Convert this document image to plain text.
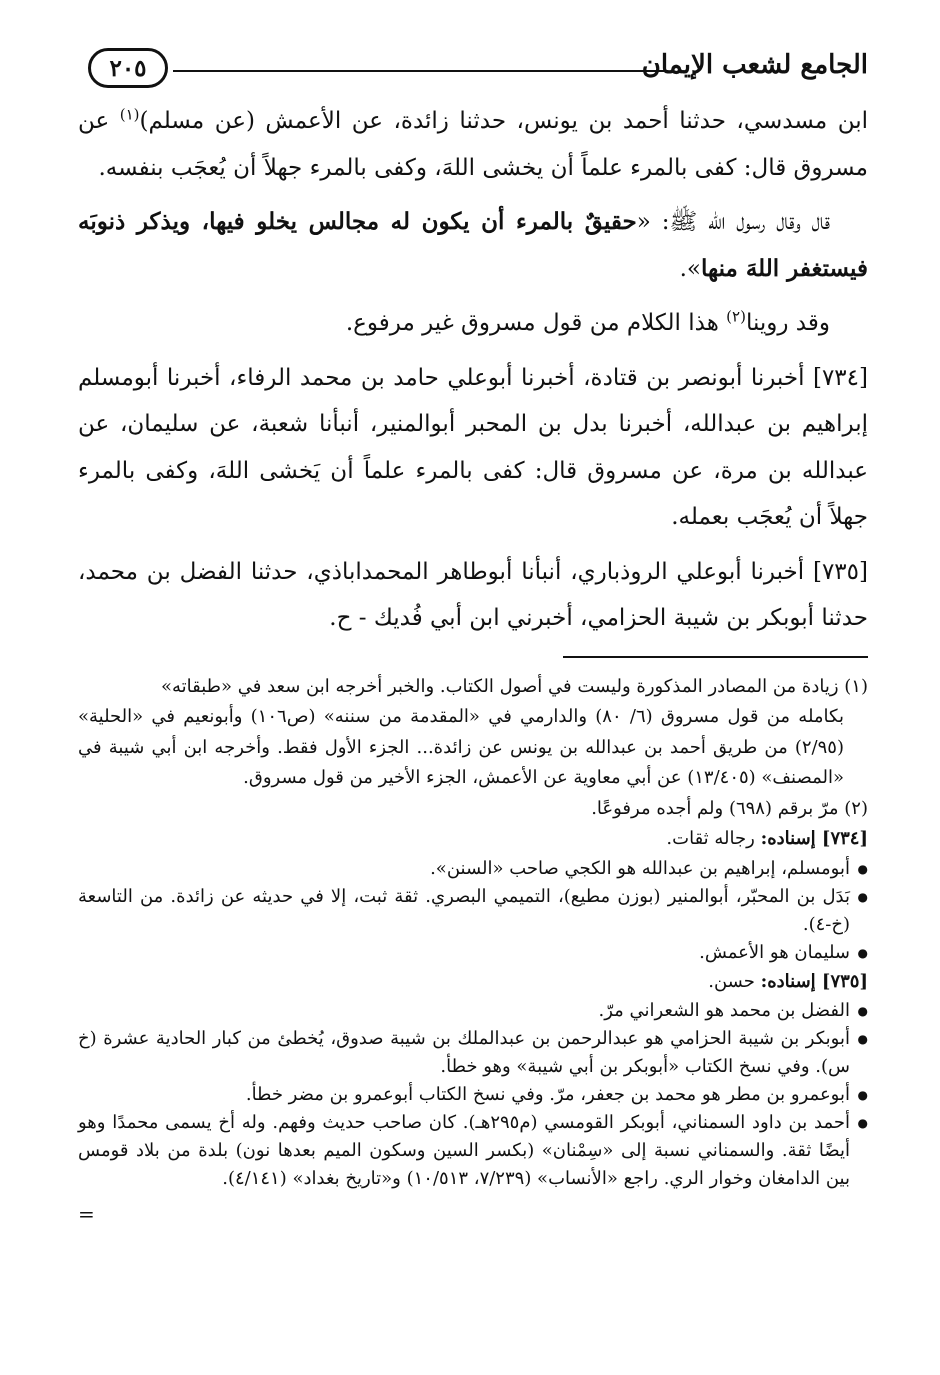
الجامع لشعب الإيمان
٢٠٥

ابن مسدسي، حدثنا أحمد بن يونس، حدثنا زائدة، عن الأعمش (عن مسلم)$^{(١)}$ عن مسروق قال: كفى بالمرء علماً أن يخشى اللهَ، وكفى بالمرء جهلاً أن يُعجَب بنفسه.

قال وقال رسول الله ﷺ: «حقيقٌ بالمرء أن يكون له مجالس يخلو فيها، ويذكر ذنوبَه فيستغفر اللهَ منها».

وقد روينا$^{(٢)}$ هذا الكلام من قول مسروق غير مرفوع.

[٧٣٤] أخبرنا أبونصر بن قتادة، أخبرنا أبوعلي حامد بن محمد الرفاء، أخبرنا أبومسلم إبراهيم بن عبدالله، أخبرنا بدل بن المحبر أبوالمنير، أنبأنا شعبة، عن سليمان، عن عبدالله بن مرة، عن مسروق قال: كفى بالمرء علماً أن يَخشى اللهَ، وكفى بالمرء جهلاً أن يُعجَب بعمله.

[٧٣٥] أخبرنا أبوعلي الروذباري، أنبأنا أبوطاهر المحمداباذي، حدثنا الفضل بن محمد، حدثنا أبوبكر بن شيبة الحزامي، أخبرني ابن أبي فُديك - ح.

(١) زيادة من المصادر المذكورة وليست في أصول الكتاب. والخبر أخرجه ابن سعد في «طبقاته»

بكامله من قول مسروق (٦/ ٨٠) والدارمي في «المقدمة من سننه» (ص١٠٦) وأبونعيم في «الحلية» (٢/٩٥) من طريق أحمد بن عبدالله بن يونس عن زائدة... الجزء الأول فقط. وأخرجه ابن أبي شيبة في «المصنف» (١٣/٤٠٥) عن أبي معاوية عن الأعمش، الجزء الأخير من قول مسروق.

(٢) مرّ برقم (٦٩٨) ولم أجده مرفوعًا.

[٧٣٤] إسناده: رجاله ثقات.

● أبومسلم، إبراهيم بن عبدالله هو الكجي صاحب «السنن».
● بَدَل بن المحبّر، أبوالمنير (بوزن مطيع)، التميمي البصري. ثقة ثبت، إلا في حديثه عن زائدة. من التاسعة (خ-٤).
● سليمان هو الأعمش.

[٧٣٥] إسناده: حسن.

● الفضل بن محمد هو الشعراني مرّ.
● أبوبكر بن شيبة الحزامي هو عبدالرحمن بن عبدالملك بن شيبة صدوق، يُخطئ من كبار الحادية عشرة (خ س). وفي نسخ الكتاب «أبوبكر بن أبي شيبة» وهو خطأ.
● أبوعمرو بن مطر هو محمد بن جعفر، مرّ. وفي نسخ الكتاب أبوعمرو بن مضر خطأ.
● أحمد بن داود السمناني، أبوبكر القومسي (م٢٩٥هـ). كان صاحب حديث وفهم. وله أخ يسمى محمدًا وهو أيضًا ثقة. والسمناني نسبة إلى «سِمْنان» (بكسر السين وسكون الميم بعدها نون) بلدة من بلاد قومس بين الدامغان وخوار الري. راجع «الأنساب» (٧/٢٣٩، ١٠/٥١٣) و«تاريخ بغداد» (٤/١٤١).
=
